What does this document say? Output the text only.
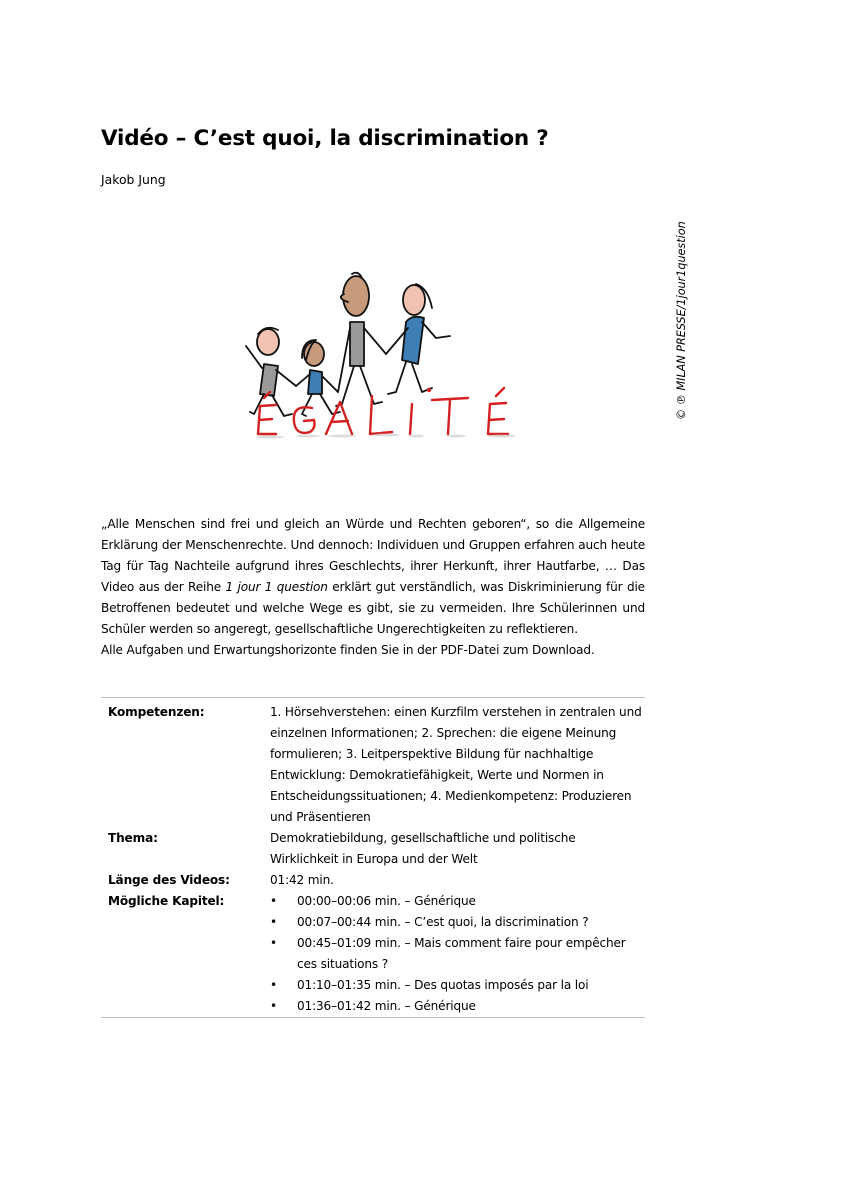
Vidéo – C’est quoi, la discrimination ?
Jakob Jung
© ℗ MILAN PRESSE/1jour1question

„Alle Menschen sind frei und gleich an Würde und Rechten geboren“, so die Allgemeine Erklärung der Menschenrechte. Und dennoch: Individuen und Gruppen erfahren auch heute Tag für Tag Nachteile aufgrund ihres Geschlechts, ihrer Herkunft, ihrer Hautfarbe, … Das Video aus der Reihe 1 jour 1 question erklärt gut verständlich, was Diskriminierung für die Betroffenen bedeutet und welche Wege es gibt, sie zu vermeiden. Ihre Schülerinnen und Schüler werden so angeregt, gesellschaftliche Ungerechtigkeiten zu reflektieren.

Alle Aufgaben und Erwartungshorizonte finden Sie in der PDF-Datei zum Download.

Kompetenzen:	1. Hörsehverstehen: einen Kurzfilm verstehen in zentralen und einzelnen Informationen; 2. Sprechen: die eigene Meinung formulieren; 3. Leitperspektive Bildung für nachhaltige Entwicklung: Demokratiefähigkeit, Werte und Normen in Entscheidungssituationen; 4. Medienkompetenz: Produzieren und Präsentieren
Thema:	Demokratiebildung, gesellschaftliche und politische Wirklichkeit in Europa und der Welt
Länge des Videos:	01:42 min.
Mögliche Kapitel:	
•00:00–00:06 min. – Générique
• 00:07–00:44 min. – C’est quoi, la discrimination ?
• 00:45–01:09 min. – Mais comment faire pour empêcher ces situations ?
• 01:10–01:35 min. – Des quotas imposés par la loi
• 01:36–01:42 min. – Générique
